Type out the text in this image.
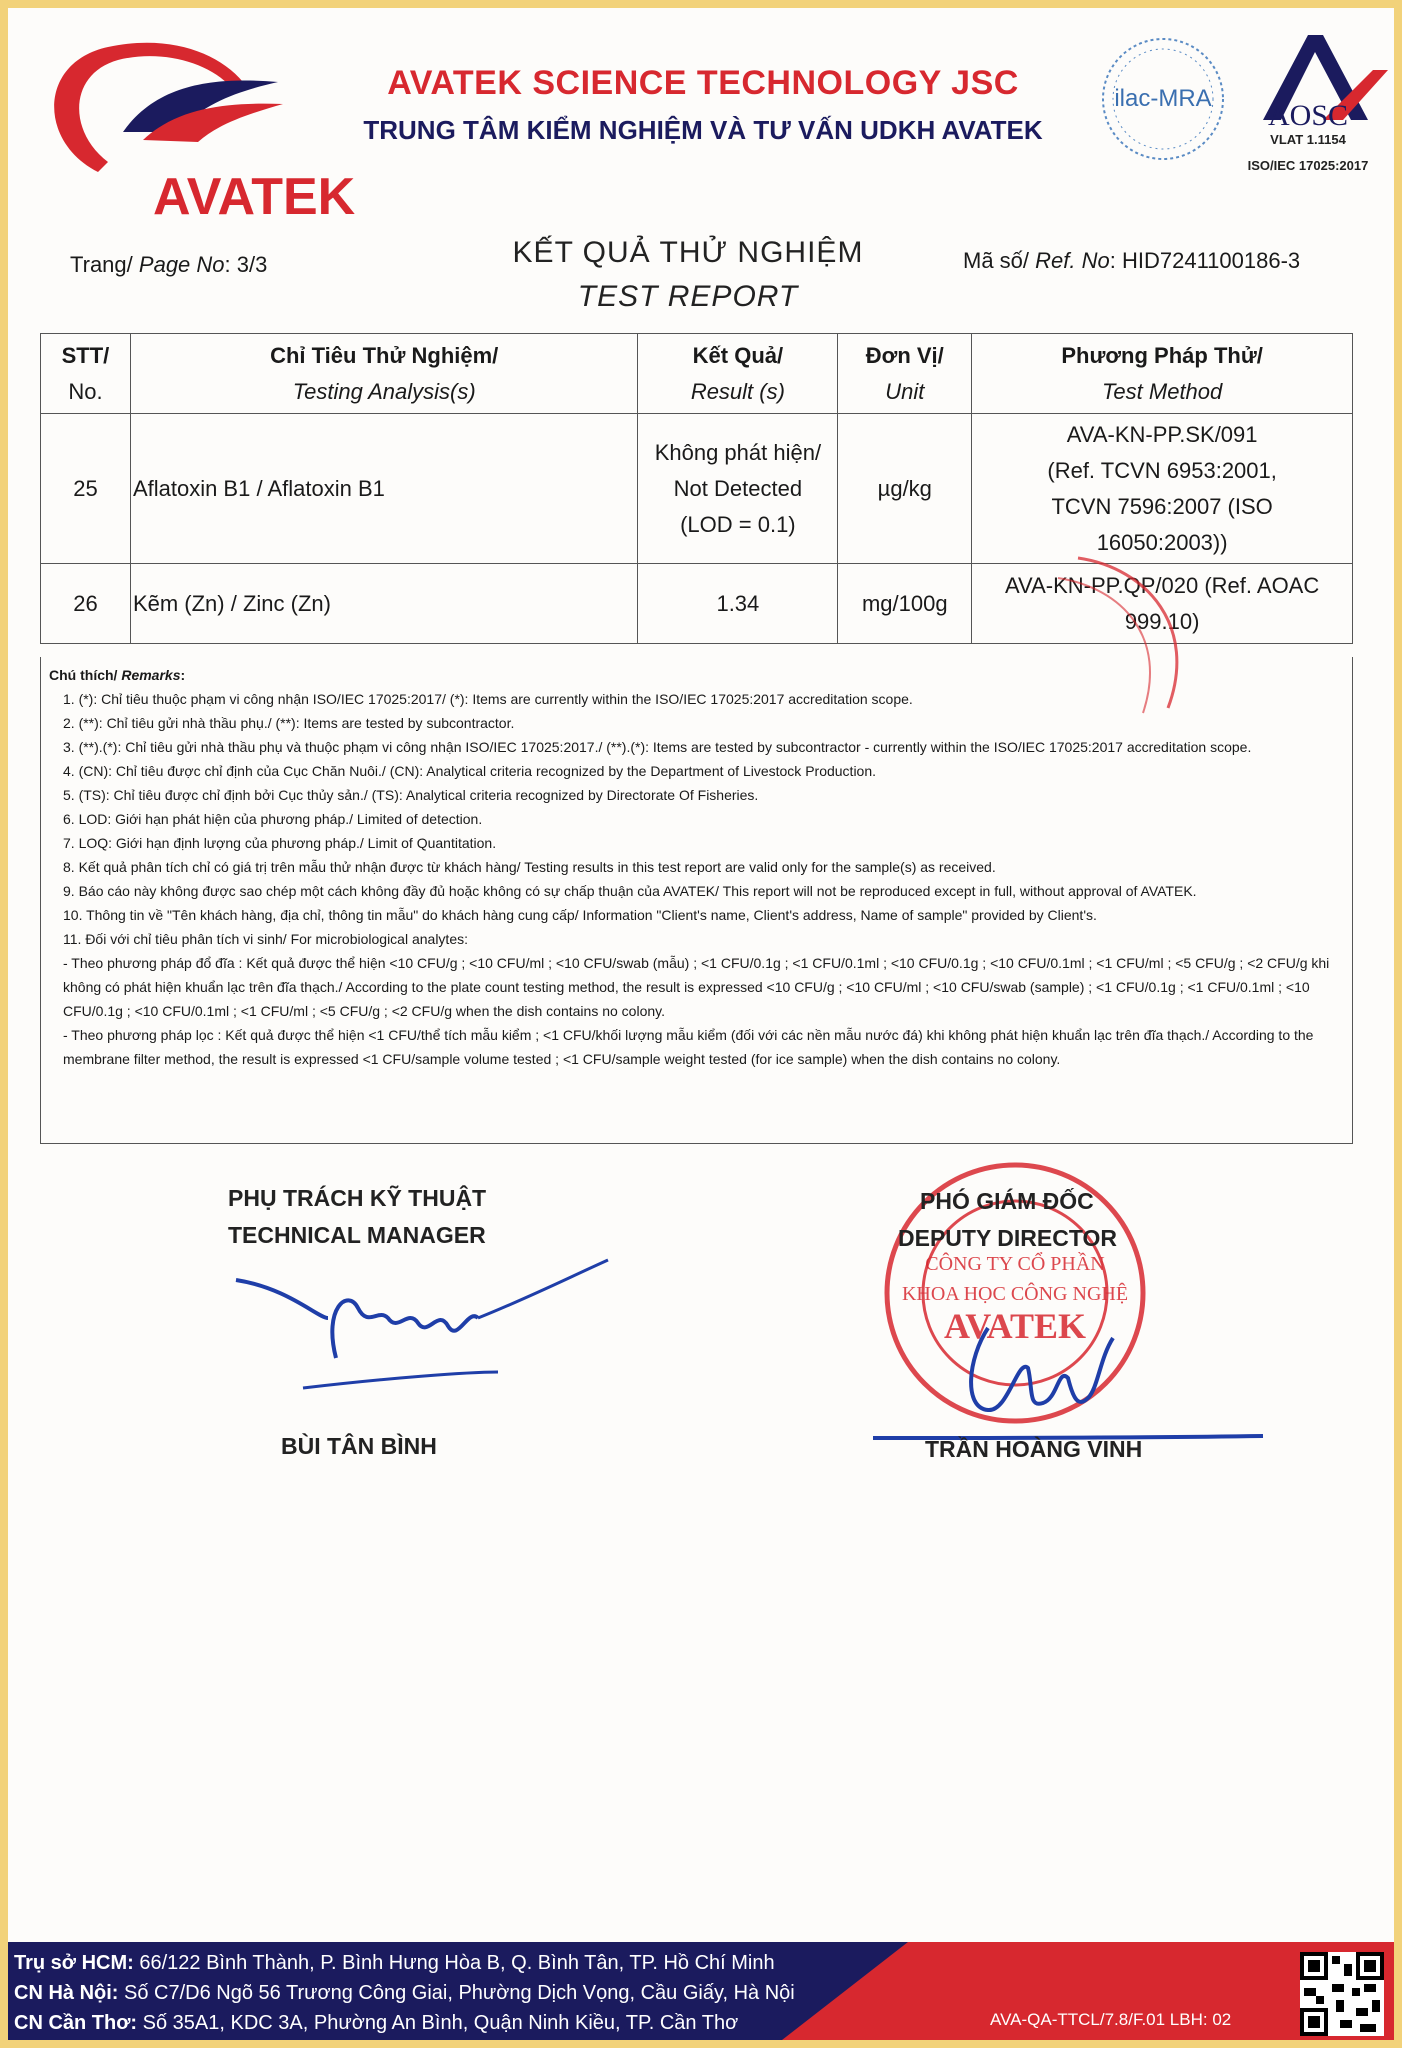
AVATEK
AVATEK SCIENCE TECHNOLOGY JSC
TRUNG TÂM KIỂM NGHIỆM VÀ TƯ VẤN UDKH AVATEK
ilac-MRA
AOSC
VLAT 1.1154
ISO/IEC 17025:2017
Trang/ Page No: 3/3	KẾT QUẢ THỬ NGHIỆM
TEST REPORT
Mã số/ Ref. No: HID7241100186-3
STT/
No.	
Chỉ Tiêu Thử Nghiệm/
Testing Analysis(s)

Kết Quả/
Result (s)

Đơn Vị/
Unit

Phương Pháp Thử/
Test Method

25	Aflatoxin B1 / Aflatoxin B1	
Không phát hiện/
Not Detected
(LOD = 0.1)
	µg/kg	
AVA-KN-PP.SK/091
(Ref. TCVN 6953:2001,
TCVN 7596:2007 (ISO
16050:2003))

26	Kẽm (Zn) / Zinc (Zn)	1.34	mg/100g	
AVA-KN-PP.QP/020 (Ref. AOAC
999.10)
Chú thích/ Remarks:

1. (*): Chỉ tiêu thuộc phạm vi công nhận ISO/IEC 17025:2017/ (*): Items are currently within the ISO/IEC 17025:2017 accreditation scope.

2. (**): Chỉ tiêu gửi nhà thầu phụ./ (**): Items are tested by subcontractor.

3. (**).(*): Chỉ tiêu gửi nhà thầu phụ và thuộc phạm vi công nhận ISO/IEC 17025:2017./ (**).(*): Items are tested by subcontractor - currently within the ISO/IEC 17025:2017 accreditation scope.

4. (CN): Chỉ tiêu được chỉ định của Cục Chăn Nuôi./ (CN): Analytical criteria recognized by the Department of Livestock Production.

5. (TS): Chỉ tiêu được chỉ định bởi Cục thủy sản./ (TS): Analytical criteria recognized by Directorate Of Fisheries.

6. LOD: Giới hạn phát hiện của phương pháp./ Limited of detection.

7. LOQ: Giới hạn định lượng của phương pháp./ Limit of Quantitation.

8. Kết quả phân tích chỉ có giá trị trên mẫu thử nhận được từ khách hàng/ Testing results in this test report are valid only for the sample(s) as received.

9. Báo cáo này không được sao chép một cách không đầy đủ hoặc không có sự chấp thuận của AVATEK/ This report will not be reproduced except in full, without approval of AVATEK.

10. Thông tin về "Tên khách hàng, địa chỉ, thông tin mẫu" do khách hàng cung cấp/ Information "Client's name, Client's address, Name of sample" provided by Client's.

11. Đối với chỉ tiêu phân tích vi sinh/ For microbiological analytes:

- Theo phương pháp đổ đĩa : Kết quả được thể hiện <10 CFU/g ; <10 CFU/ml ; <10 CFU/swab (mẫu) ; <1 CFU/0.1g ; <1 CFU/0.1ml ; <10 CFU/0.1g ; <10 CFU/0.1ml ; <1 CFU/ml ; <5 CFU/g ; <2 CFU/g khi không có phát hiện khuẩn lạc trên đĩa thạch./ According to the plate count testing method, the result is expressed <10 CFU/g ; <10 CFU/ml ; <10 CFU/swab (sample) ; <1 CFU/0.1g ; <1 CFU/0.1ml ; <10 CFU/0.1g ; <10 CFU/0.1ml ; <1 CFU/ml ; <5 CFU/g ; <2 CFU/g when the dish contains no colony.

- Theo phương pháp lọc : Kết quả được thể hiện <1 CFU/thể tích mẫu kiểm ; <1 CFU/khối lượng mẫu kiểm (đối với các nền mẫu nước đá) khi không phát hiện khuẩn lạc trên đĩa thạch./ According to the membrane filter method, the result is expressed <1 CFU/sample volume tested ; <1 CFU/sample weight tested (for ice sample) when the dish contains no colony.

PHỤ TRÁCH KỸ THUẬT
TECHNICAL MANAGER
BÙI TÂN BÌNH
CÔNG TY CỔ PHẦN
KHOA HỌC CÔNG NGHỆ
AVATEK
PHÓ GIÁM ĐỐC
DEPUTY DIRECTOR
TRẦN HOÀNG VINH
Trụ sở HCM: 66/122 Bình Thành, P. Bình Hưng Hòa B, Q. Bình Tân, TP. Hồ Chí Minh
CN Hà Nội: Số C7/D6 Ngõ 56 Trương Công Giai, Phường Dịch Vọng, Cầu Giấy, Hà Nội
CN Cần Thơ: Số 35A1, KDC 3A, Phường An Bình, Quận Ninh Kiều, TP. Cần Thơ	AVA-QA-TTCL/7.8/F.01 LBH: 02
